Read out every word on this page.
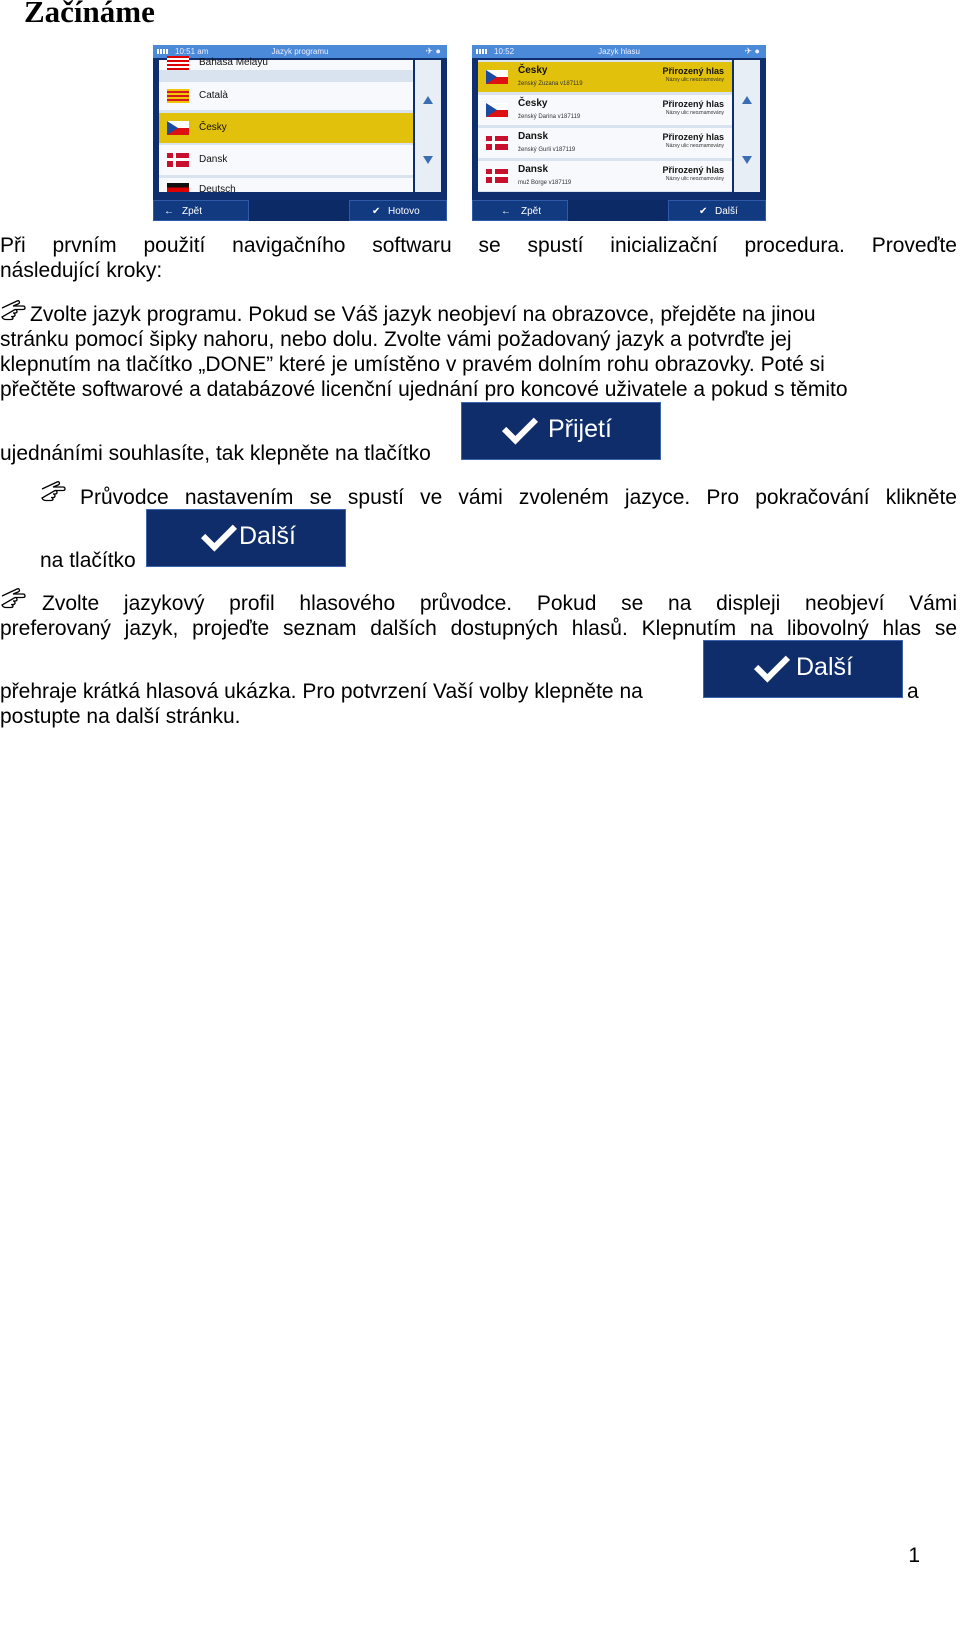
Začínáme
10:51 am	Jazyk programu	✈ ●
Bahasa Melayu
Català
Česky
Dansk
Deutsch
← Zpět	✔ Hotovo
10:52	Jazyk hlasu	✈ ●
Česky
ženský Zuzana v187119
Přirozený hlas
Názvy ulic neoznamovány
Česky
ženský Darina v187119
Přirozený hlas
Názvy ulic neoznamovány
Dansk
ženský Gurli v187119
Přirozený hlas
Názvy ulic neoznamovány
Dansk
muž Borge v187119
Přirozený hlas
Názvy ulic neoznamovány
← Zpět	✔ Další
Při prvním použití navigačního softwaru se spustí inicializační procedura. Proveďte
následující kroky:
Zvolte jazyk programu. Pokud se Váš jazyk neobjeví na obrazovce, přejděte na jinou
stránku pomocí šipky nahoru, nebo dolu. Zvolte vámi požadovaný jazyk a potvrďte jej
klepnutím na tlačítko „DONE” které je umístěno v pravém dolním rohu obrazovky. Poté si
přečtěte softwarové a databázové licenční ujednání pro koncové uživatele a pokud s těmito
ujednáními souhlasíte, tak klepněte na tlačítko
Přijetí
Průvodce nastavením se spustí ve vámi zvoleném jazyce. Pro pokračování klikněte
na tlačítko
Další
Zvolte jazykový profil hlasového průvodce. Pokud se na displeji neobjeví Vámi
preferovaný jazyk, projeďte seznam dalších dostupných hlasů. Klepnutím na libovolný hlas se
přehraje krátká hlasová ukázka. Pro potvrzení Vaší volby klepněte na
Další
a
postupte na další stránku.
1
